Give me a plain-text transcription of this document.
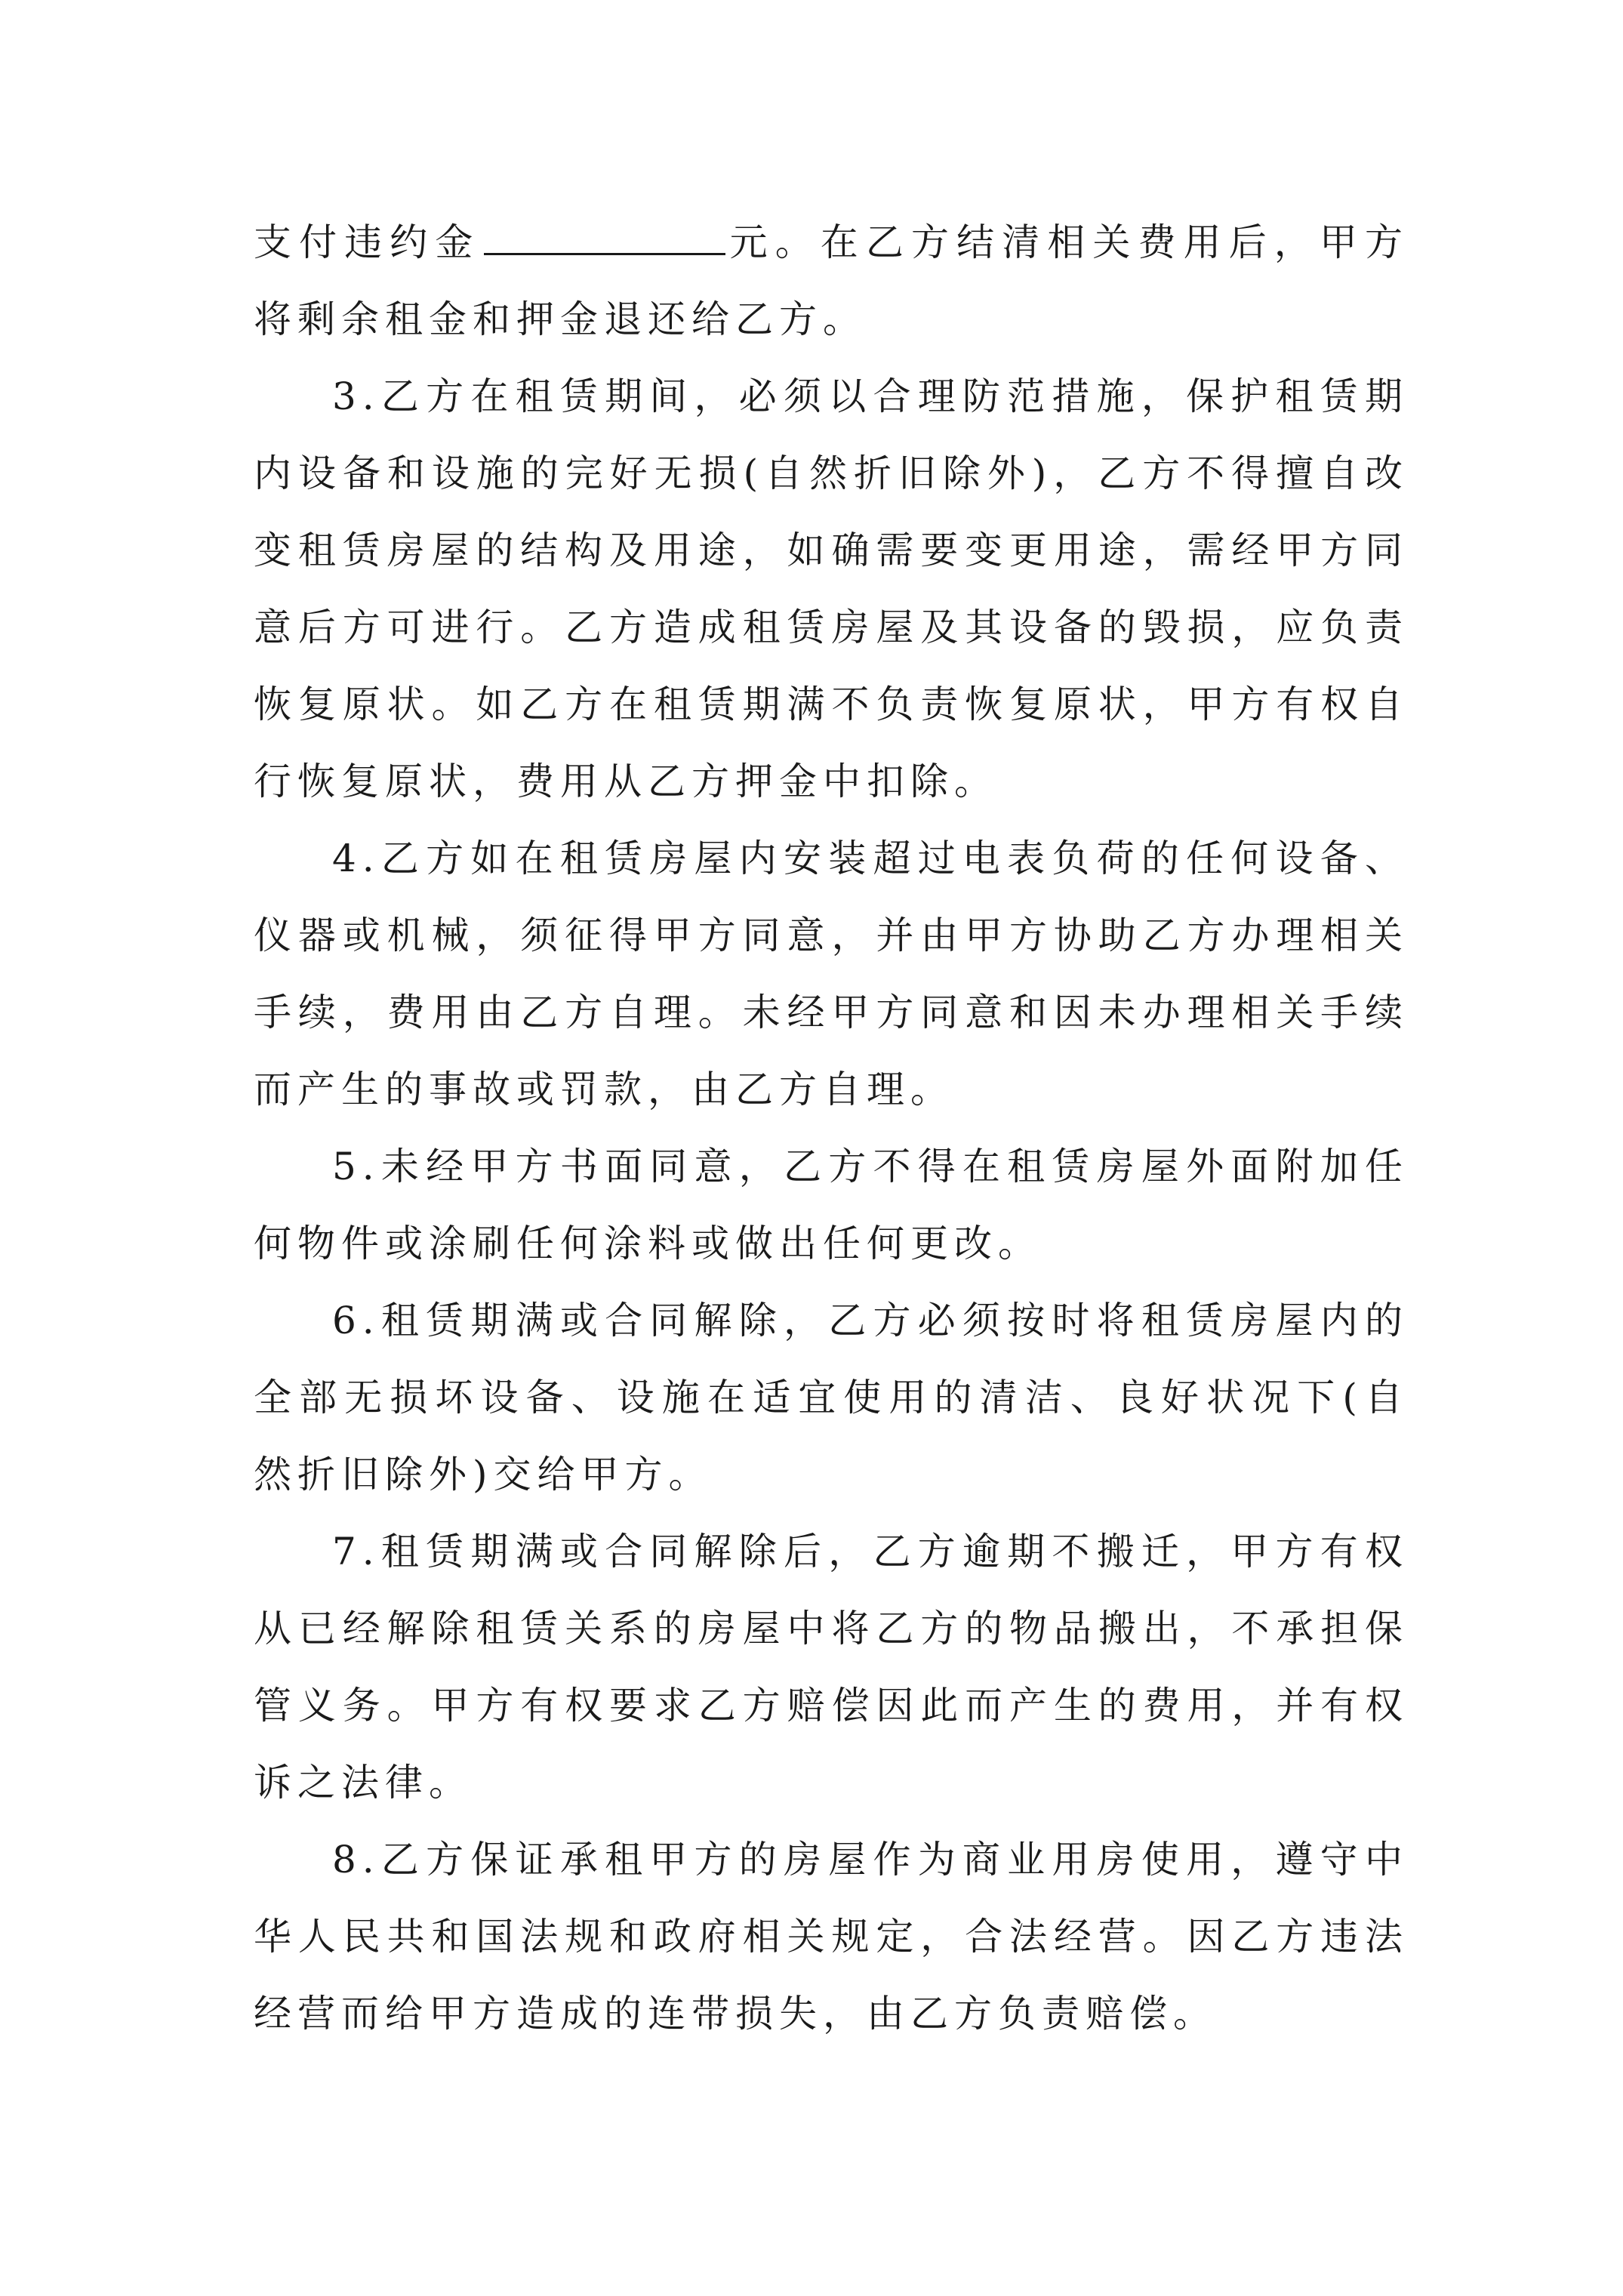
支付违约金	元。在乙方结清相关费用后，甲方将剩余租金和押金退还给乙方。

3.乙方在租赁期间，必须以合理防范措施，保护租赁期内设备和设施的完好无损(自然折旧除外)，乙方不得擅自改变租赁房屋的结构及用途，如确需要变更用途，需经甲方同意后方可进行。乙方造成租赁房屋及其设备的毁损，应负责恢复原状。如乙方在租赁期满不负责恢复原状，甲方有权自行恢复原状，费用从乙方押金中扣除。

4.乙方如在租赁房屋内安装超过电表负荷的任何设备、仪器或机械，须征得甲方同意，并由甲方协助乙方办理相关手续，费用由乙方自理。未经甲方同意和因未办理相关手续而产生的事故或罚款，由乙方自理。

5.未经甲方书面同意，乙方不得在租赁房屋外面附加任何物件或涂刷任何涂料或做出任何更改。

6.租赁期满或合同解除，乙方必须按时将租赁房屋内的全部无损坏设备、设施在适宜使用的清洁、良好状况下(自然折旧除外)交给甲方。

7.租赁期满或合同解除后，乙方逾期不搬迁，甲方有权从已经解除租赁关系的房屋中将乙方的物品搬出，不承担保管义务。甲方有权要求乙方赔偿因此而产生的费用，并有权诉之法律。

8.乙方保证承租甲方的房屋作为商业用房使用，遵守中华人民共和国法规和政府相关规定，合法经营。因乙方违法经营而给甲方造成的连带损失，由乙方负责赔偿。
